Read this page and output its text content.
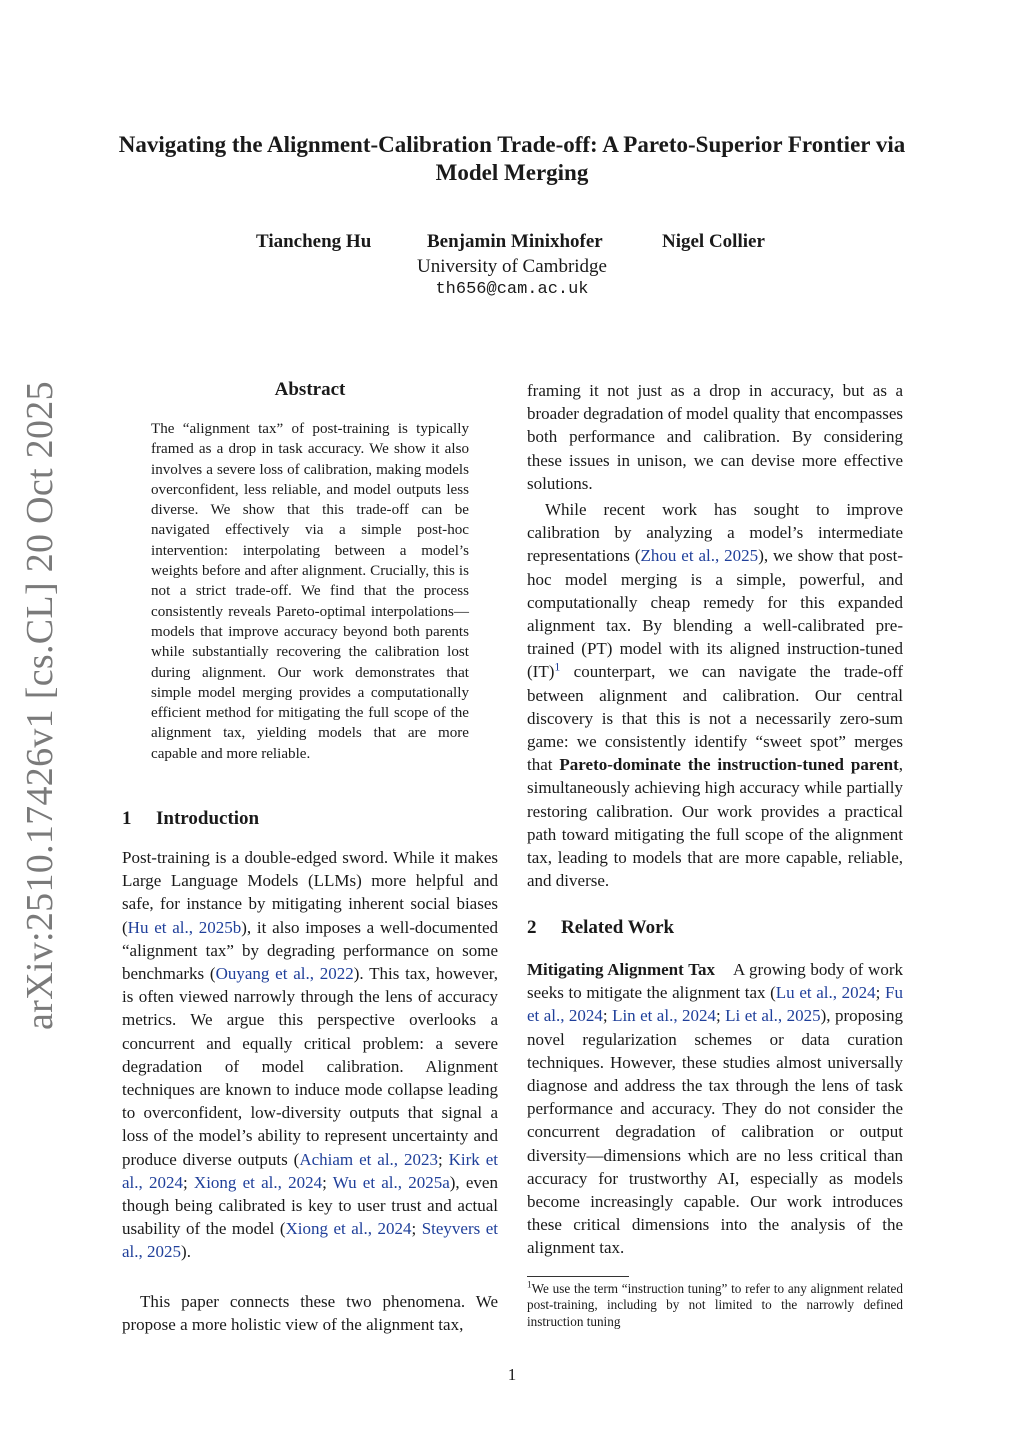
arXiv:2510.17426v1 [cs.CL] 20 Oct 2025
Navigating the Alignment-Calibration Trade-off: A Pareto-Superior Frontier via Model Merging
Tiancheng Hu	Benjamin Minixhofer	Nigel Collier
University of Cambridge
th656@cam.ac.uk
Abstract
The “alignment tax” of post-training is typically framed as a drop in task accuracy. We show it also involves a severe loss of calibration, making models overconfident, less reliable, and model outputs less diverse. We show that this trade-off can be navigated effectively via a simple post-hoc intervention: interpolating between a model’s weights before and after alignment. Crucially, this is not a strict trade-off. We find that the process consistently reveals Pareto-optimal interpolations—models that improve accuracy beyond both parents while substantially recovering the calibration lost during alignment. Our work demonstrates that simple model merging provides a computationally efficient method for mitigating the full scope of the alignment tax, yielding models that are more capable and more reliable.
1 Introduction
Post-training is a double-edged sword. While it makes Large Language Models (LLMs) more helpful and safe, for instance by mitigating inherent social biases (Hu et al., 2025b), it also imposes a well-documented “alignment tax” by degrading performance on some benchmarks (Ouyang et al., 2022). This tax, however, is often viewed narrowly through the lens of accuracy metrics. We argue this perspective overlooks a concurrent and equally critical problem: a severe degradation of model calibration. Alignment techniques are known to induce mode collapse leading to overconfident, low-diversity outputs that signal a loss of the model’s ability to represent uncertainty and produce diverse outputs (Achiam et al., 2023; Kirk et al., 2024; Xiong et al., 2024; Wu et al., 2025a), even though being calibrated is key to user trust and actual usability of the model (Xiong et al., 2024; Steyvers et al., 2025).
This paper connects these two phenomena. We propose a more holistic view of the alignment tax,
framing it not just as a drop in accuracy, but as a broader degradation of model quality that encompasses both performance and calibration. By considering these issues in unison, we can devise more effective solutions.
While recent work has sought to improve calibration by analyzing a model’s intermediate representations (Zhou et al., 2025), we show that post-hoc model merging is a simple, powerful, and computationally cheap remedy for this expanded alignment tax. By blending a well-calibrated pre-trained (PT) model with its aligned instruction-tuned (IT)$^1$ counterpart, we can navigate the trade-off between alignment and calibration. Our central discovery is that this is not a necessarily zero-sum game: we consistently identify “sweet spot” merges that Pareto-dominate the instruction-tuned parent, simultaneously achieving high accuracy while partially restoring calibration. Our work provides a practical path toward mitigating the full scope of the alignment tax, leading to models that are more capable, reliable, and diverse.
2 Related Work
Mitigating Alignment Tax A growing body of work seeks to mitigate the alignment tax (Lu et al., 2024; Fu et al., 2024; Lin et al., 2024; Li et al., 2025), proposing novel regularization schemes or data curation techniques. However, these studies almost universally diagnose and address the tax through the lens of task performance and accuracy. They do not consider the concurrent degradation of calibration or output diversity—dimensions which are no less critical than accuracy for trustworthy AI, especially as models become increasingly capable. Our work introduces these critical dimensions into the analysis of the alignment tax.
$^1$We use the term “instruction tuning” to refer to any alignment related post-training, including by not limited to the narrowly defined instruction tuning
1
